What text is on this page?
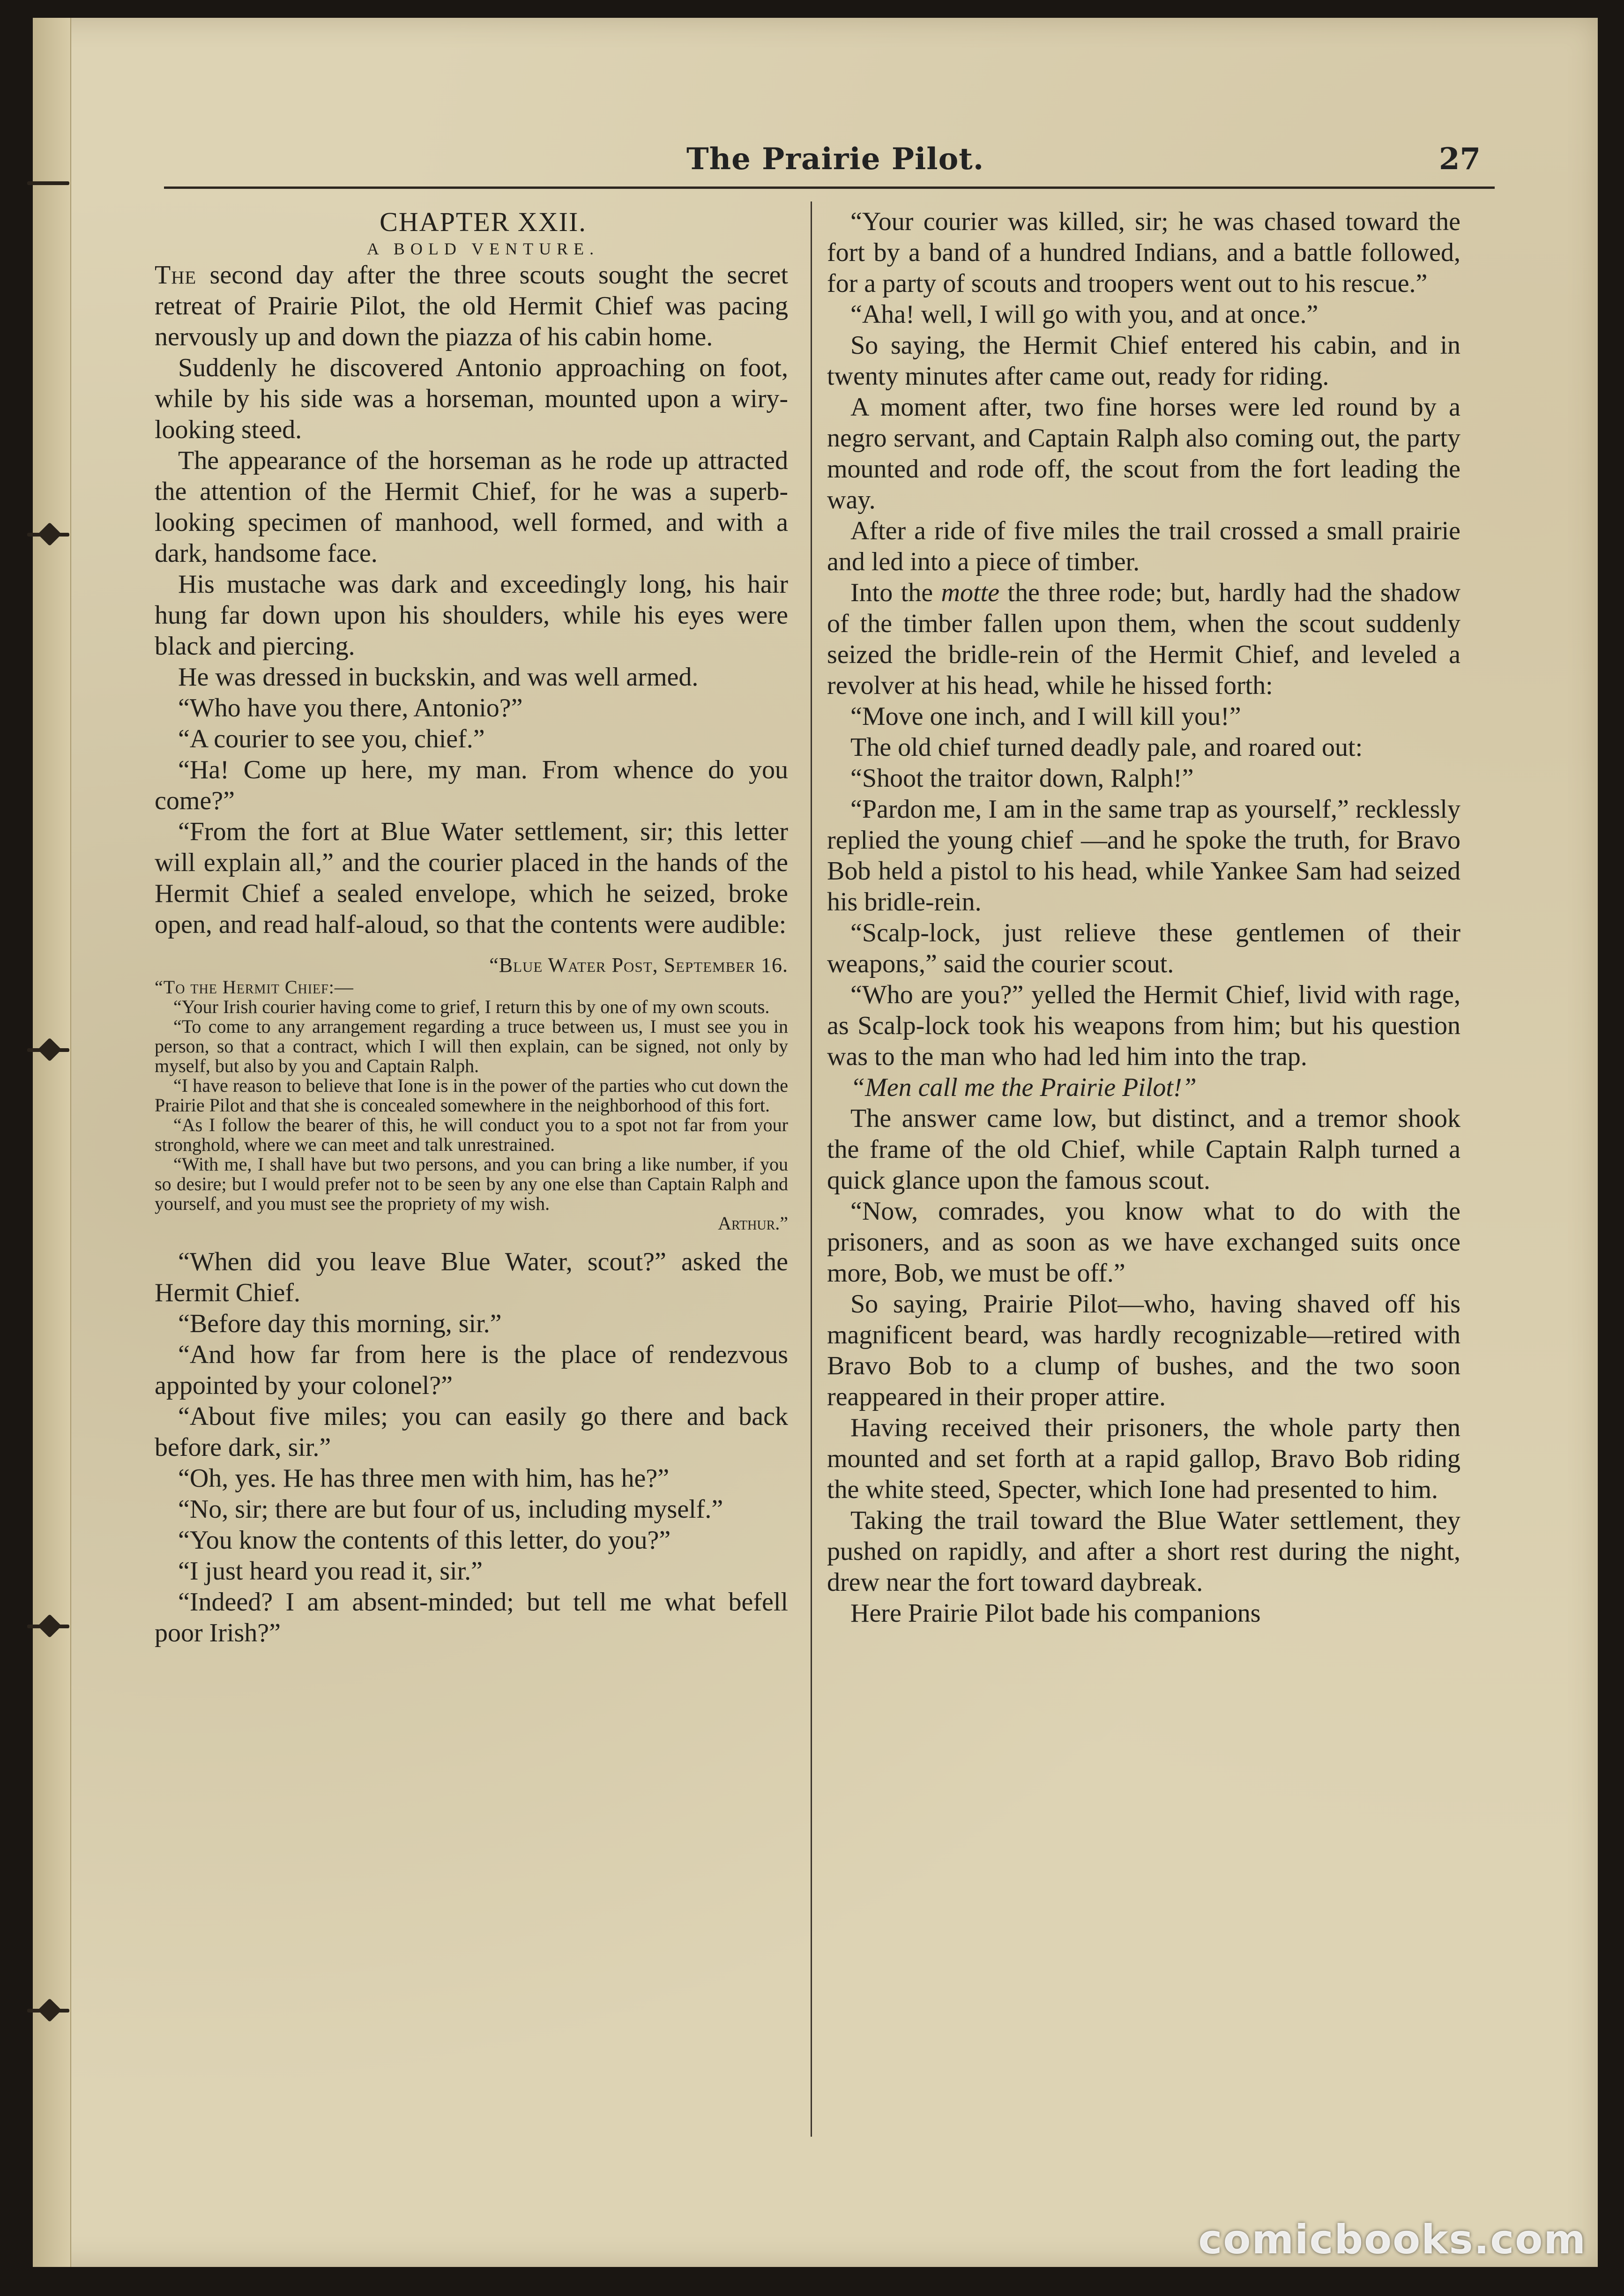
The Prairie Pilot.	27

CHAPTER XXII.

A BOLD VENTURE.

The second day after the three scouts sought the secret retreat of Prairie Pilot, the old Hermit Chief was pacing nervously up and down the piazza of his cabin home.

Suddenly he discovered Antonio approaching on foot, while by his side was a horseman, mounted upon a wiry-looking steed.

The appearance of the horseman as he rode up attracted the attention of the Hermit Chief, for he was a superb-looking specimen of manhood, well formed, and with a dark, handsome face.

His mustache was dark and exceedingly long, his hair hung far down upon his shoulders, while his eyes were black and piercing.

He was dressed in buckskin, and was well armed.

“Who have you there, Antonio?”

“A courier to see you, chief.”

“Ha! Come up here, my man. From whence do you come?”

“From the fort at Blue Water settlement, sir; this letter will explain all,” and the courier placed in the hands of the Hermit Chief a sealed envelope, which he seized, broke open, and read half-aloud, so that the contents were audible:

“Blue Water Post, September 16.

“To the Hermit Chief:—

“Your Irish courier having come to grief, I return this by one of my own scouts.

“To come to any arrangement regarding a truce between us, I must see you in person, so that a contract, which I will then explain, can be signed, not only by myself, but also by you and Captain Ralph.

“I have reason to believe that Ione is in the power of the parties who cut down the Prairie Pilot and that she is concealed somewhere in the neighborhood of this fort.

“As I follow the bearer of this, he will conduct you to a spot not far from your stronghold, where we can meet and talk unrestrained.

“With me, I shall have but two persons, and you can bring a like number, if you so desire; but I would prefer not to be seen by any one else than Captain Ralph and yourself, and you must see the propriety of my wish.

Arthur.”

“When did you leave Blue Water, scout?” asked the Hermit Chief.

“Before day this morning, sir.”

“And how far from here is the place of rendezvous appointed by your colonel?”

“About five miles; you can easily go there and back before dark, sir.”

“Oh, yes. He has three men with him, has he?”

“No, sir; there are but four of us, including myself.”

“You know the contents of this letter, do you?”

“I just heard you read it, sir.”

“Indeed? I am absent-minded; but tell me what befell poor Irish?”

“Your courier was killed, sir; he was chased toward the fort by a band of a hundred Indians, and a battle followed, for a party of scouts and troopers went out to his rescue.”

“Aha! well, I will go with you, and at once.”

So saying, the Hermit Chief entered his cabin, and in twenty minutes after came out, ready for riding.

A moment after, two fine horses were led round by a negro servant, and Captain Ralph also coming out, the party mounted and rode off, the scout from the fort leading the way.

After a ride of five miles the trail crossed a small prairie and led into a piece of timber.

Into the motte the three rode; but, hardly had the shadow of the timber fallen upon them, when the scout suddenly seized the bridle-rein of the Hermit Chief, and leveled a revolver at his head, while he hissed forth:

“Move one inch, and I will kill you!”

The old chief turned deadly pale, and roared out:

“Shoot the traitor down, Ralph!”

“Pardon me, I am in the same trap as yourself,” recklessly replied the young chief —and he spoke the truth, for Bravo Bob held a pistol to his head, while Yankee Sam had seized his bridle-rein.

“Scalp-lock, just relieve these gentlemen of their weapons,” said the courier scout.

“Who are you?” yelled the Hermit Chief, livid with rage, as Scalp-lock took his weapons from him; but his question was to the man who had led him into the trap.

“Men call me the Prairie Pilot!”

The answer came low, but distinct, and a tremor shook the frame of the old Chief, while Captain Ralph turned a quick glance upon the famous scout.

“Now, comrades, you know what to do with the prisoners, and as soon as we have exchanged suits once more, Bob, we must be off.”

So saying, Prairie Pilot—who, having shaved off his magnificent beard, was hardly recognizable—retired with Bravo Bob to a clump of bushes, and the two soon reappeared in their proper attire.

Having received their prisoners, the whole party then mounted and set forth at a rapid gallop, Bravo Bob riding the white steed, Specter, which Ione had presented to him.

Taking the trail toward the Blue Water settlement, they pushed on rapidly, and after a short rest during the night, drew near the fort toward daybreak.

Here Prairie Pilot bade his companions

comicbooks.com
